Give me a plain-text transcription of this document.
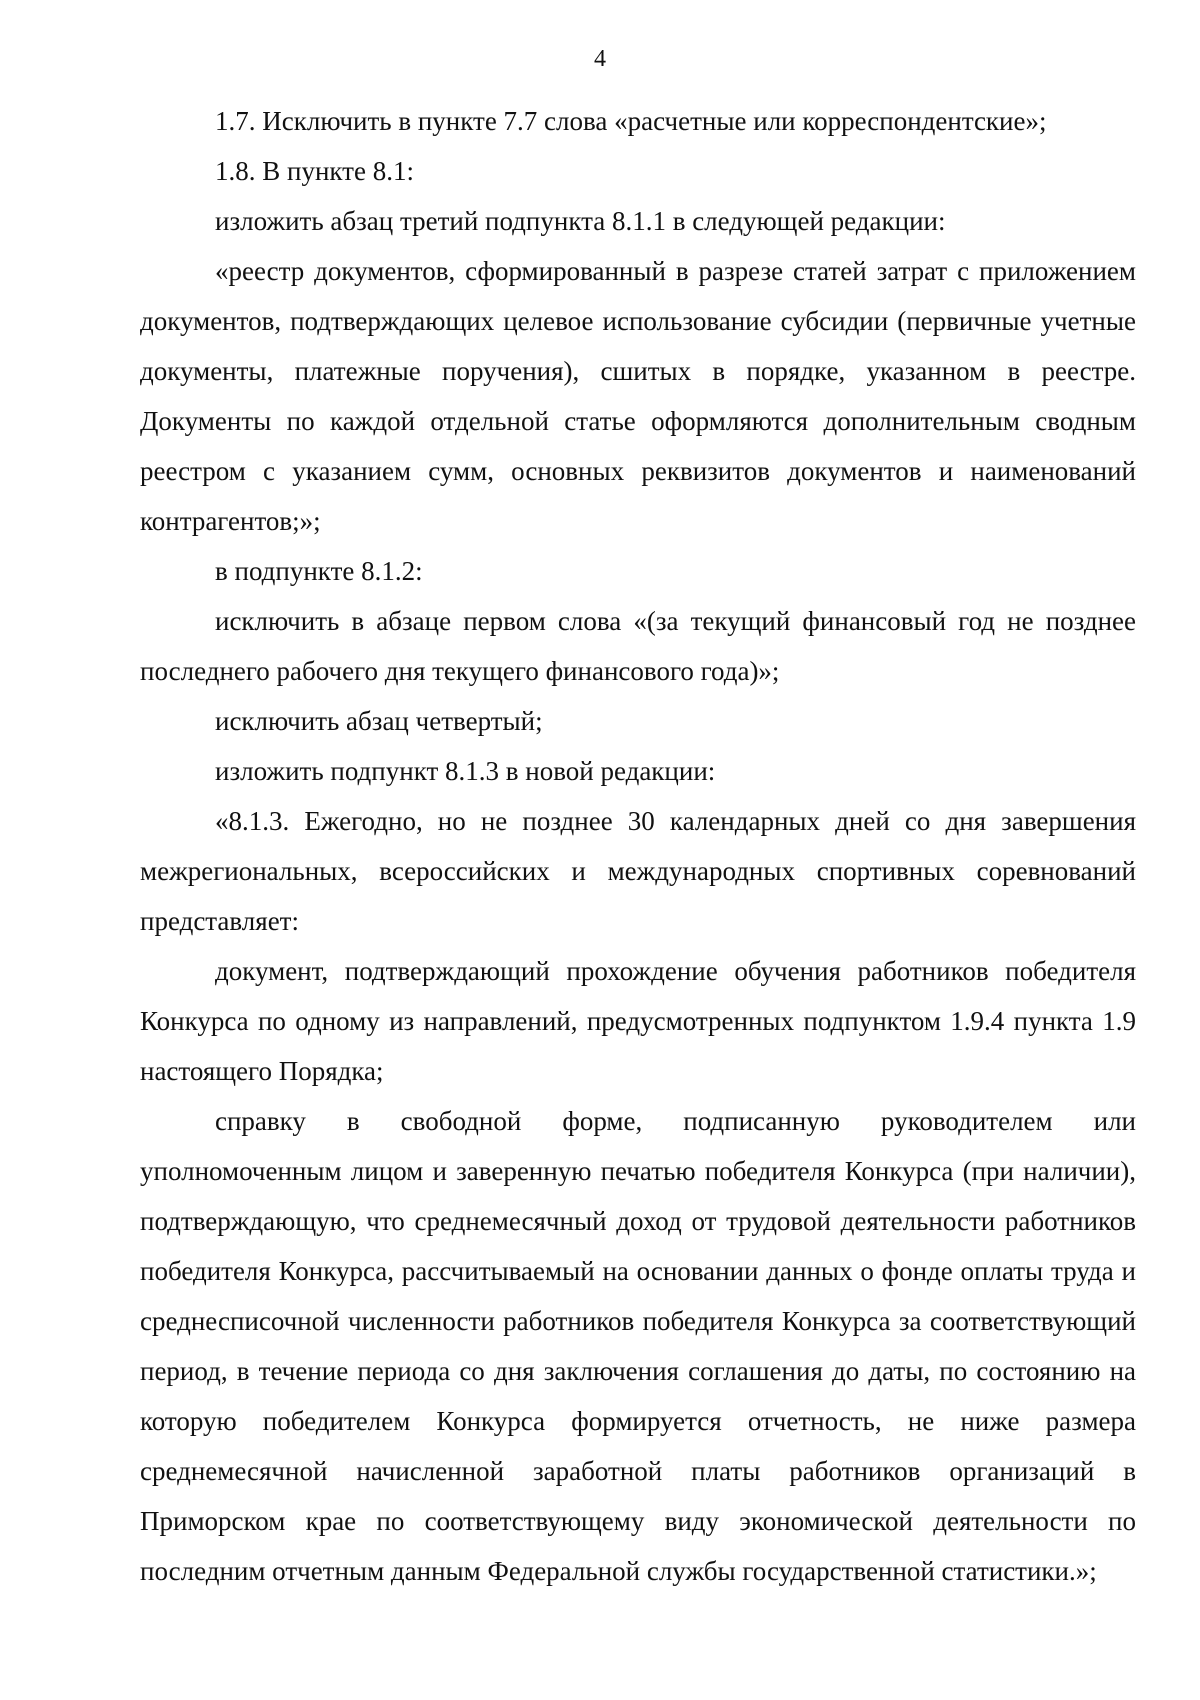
4

1.7. Исключить в пункте 7.7 слова «расчетные или корреспондентские»;

1.8. В пункте 8.1:

изложить абзац третий подпункта 8.1.1 в следующей редакции:

«реестр документов, сформированный в разрезе статей затрат с приложением документов, подтверждающих целевое использование субсидии (первичные учетные документы, платежные поручения), сшитых в порядке, указанном в реестре. Документы по каждой отдельной статье оформляются дополнительным сводным реестром с указанием сумм, основных реквизитов документов и наименований контрагентов;»;

в подпункте 8.1.2:

исключить в абзаце первом слова «(за текущий финансовый год не позднее последнего рабочего дня текущего финансового года)»;

исключить абзац четвертый;

изложить подпункт 8.1.3 в новой редакции:

«8.1.3. Ежегодно, но не позднее 30 календарных дней со дня завершения межрегиональных, всероссийских и международных спортивных соревнований представляет:

документ, подтверждающий прохождение обучения работников победителя Конкурса по одному из направлений, предусмотренных подпунктом 1.9.4 пункта 1.9 настоящего Порядка;

справку в свободной форме, подписанную руководителем или уполномоченным лицом и заверенную печатью победителя Конкурса (при наличии), подтверждающую, что среднемесячный доход от трудовой деятельности работников победителя Конкурса, рассчитываемый на основании данных о фонде оплаты труда и среднесписочной численности работников победителя Конкурса за соответствующий период, в течение периода со дня заключения соглашения до даты, по состоянию на которую победителем Конкурса формируется отчетность, не ниже размера среднемесячной начисленной заработной платы работников организаций в Приморском крае по соответствующему виду экономической деятельности по последним отчетным данным Федеральной службы государственной статистики.»;
